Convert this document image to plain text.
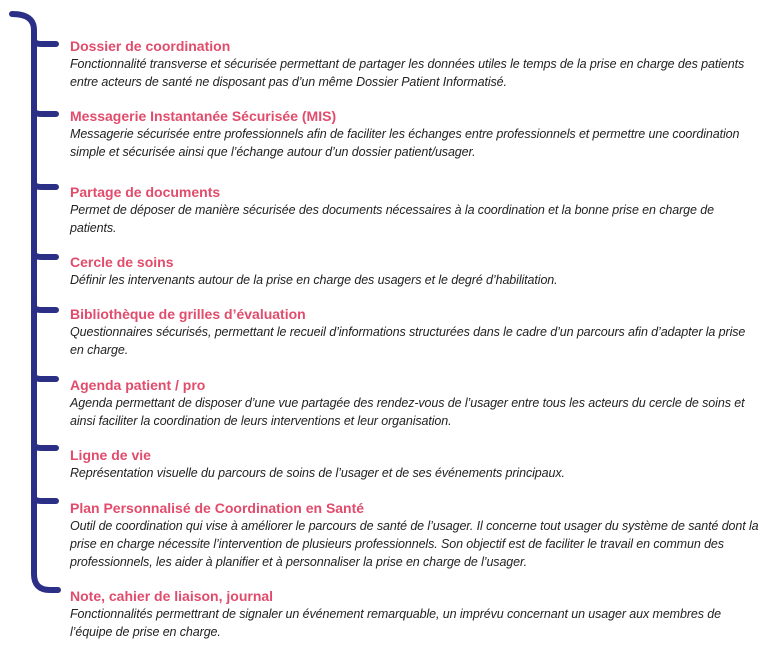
Dossier de coordination
Fonctionnalité transverse et sécurisée permettant de partager les données utiles le temps de la prise en charge des patients entre acteurs de santé ne disposant pas d’un même Dossier Patient Informatisé.
Messagerie Instantanée Sécurisée (MIS)
Messagerie sécurisée entre professionnels afin de faciliter les échanges entre professionnels et permettre une coordination simple et sécurisée ainsi que l’échange autour d’un dossier patient/usager.
Partage de documents
Permet de déposer de manière sécurisée des documents nécessaires à la coordination et la bonne prise en charge de patients.
Cercle de soins
Définir les intervenants autour de la prise en charge des usagers et le degré d’habilitation.
Bibliothèque de grilles d’évaluation
Questionnaires sécurisés, permettant le recueil d’informations structurées dans le cadre d’un parcours afin d’adapter la prise en charge.
Agenda patient / pro
Agenda permettant de disposer d’une vue partagée des rendez-vous de l’usager entre tous les acteurs du cercle de soins et ainsi faciliter la coordination de leurs interventions et leur organisation.
Ligne de vie
Représentation visuelle du parcours de soins de l’usager et de ses événements principaux.
Plan Personnalisé de Coordination en Santé
Outil de coordination qui vise à améliorer le parcours de santé de l’usager. Il concerne tout usager du système de santé dont la prise en charge nécessite l’intervention de plusieurs professionnels. Son objectif est de faciliter le travail en commun des professionnels, les aider à planifier et à personnaliser la prise en charge de l’usager.
Note, cahier de liaison, journal
Fonctionnalités permettrant de signaler un événement remarquable, un imprévu concernant un usager aux membres de l’équipe de prise en charge.
